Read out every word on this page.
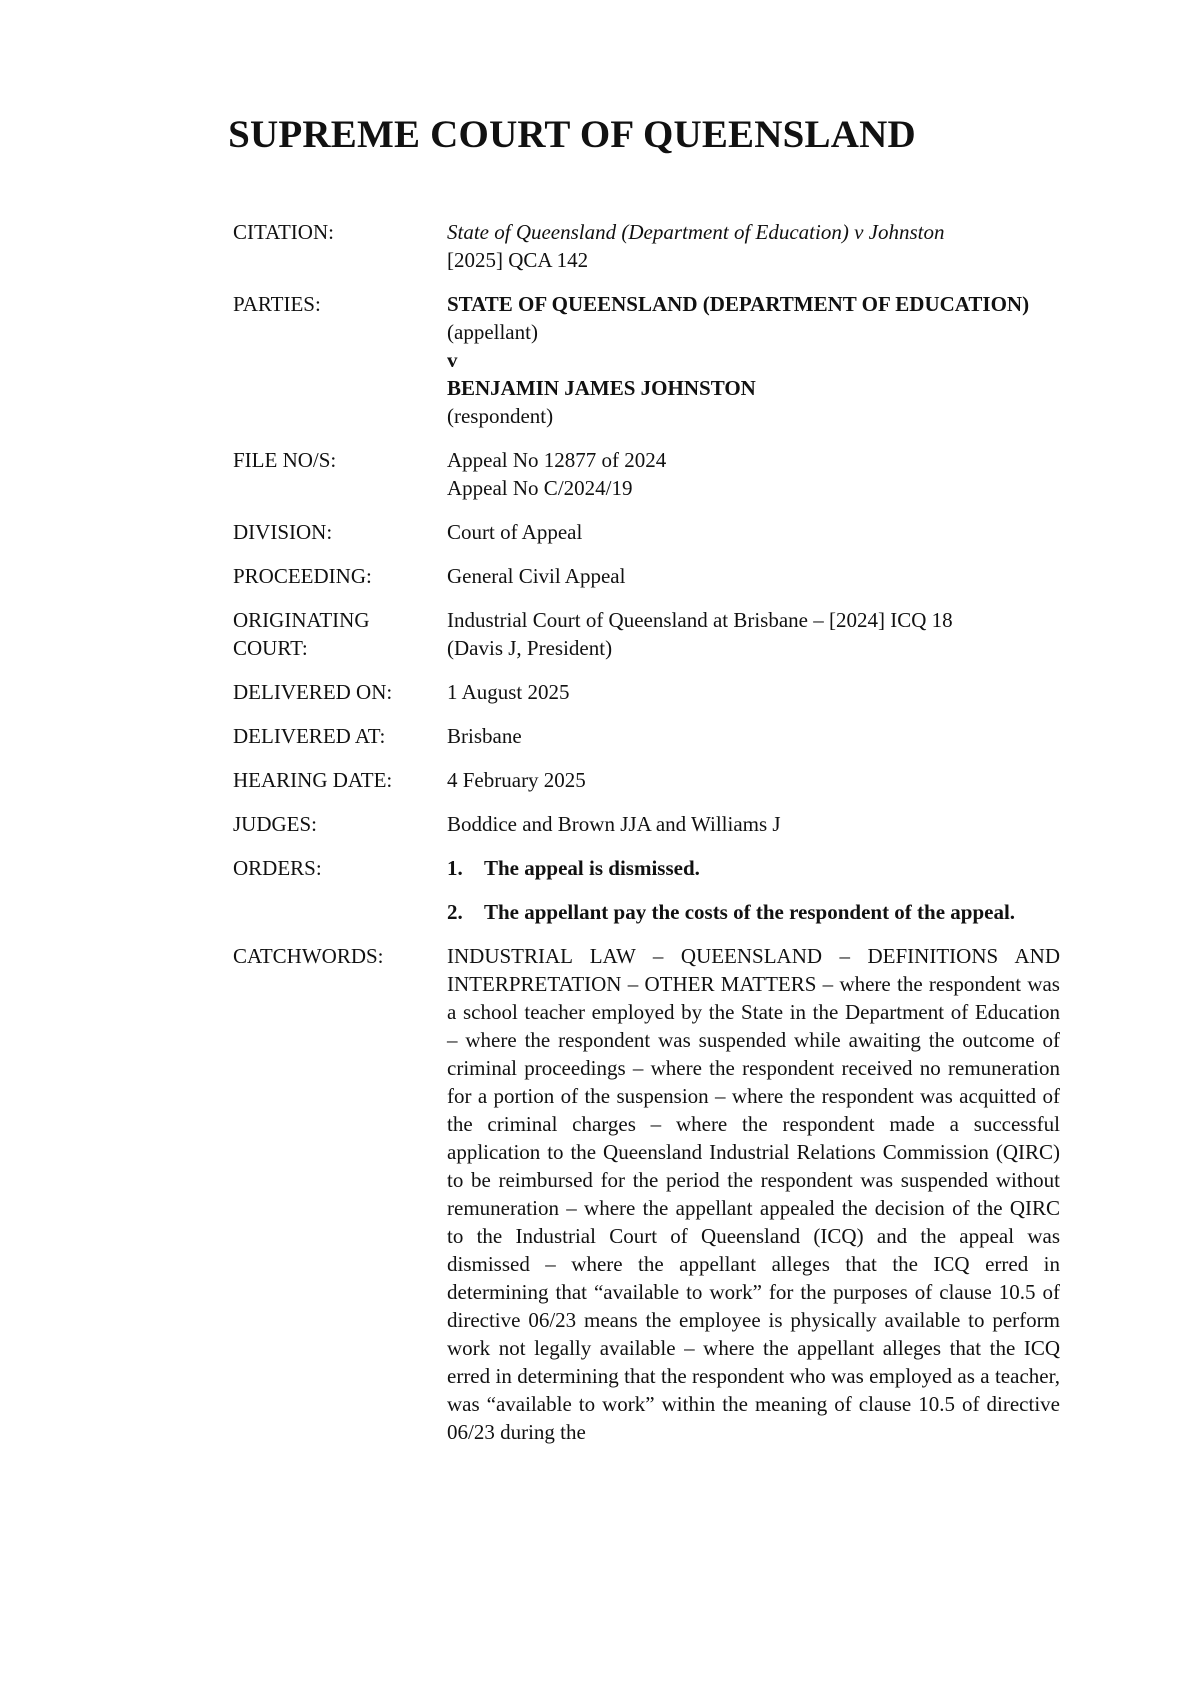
SUPREME COURT OF QUEENSLAND
CITATION:	State of Queensland (Department of Education) v Johnston
[2025] QCA 142
PARTIES:	STATE OF QUEENSLAND (DEPARTMENT OF EDUCATION)
(appellant)
v
BENJAMIN JAMES JOHNSTON
(respondent)
FILE NO/S:	Appeal No 12877 of 2024
Appeal No C/2024/19
DIVISION:	Court of Appeal
PROCEEDING:	General Civil Appeal
ORIGINATING
COURT:
Industrial Court of Queensland at Brisbane – [2024] ICQ 18
(Davis J, President)
DELIVERED ON:	1 August 2025
DELIVERED AT:	Brisbane
HEARING DATE:	4 February 2025
JUDGES:	Boddice and Brown JJA and Williams J
ORDERS:	1.	The appeal is dismissed.
2.	The appellant pay the costs of the respondent of the appeal.
CATCHWORDS:	INDUSTRIAL LAW – QUEENSLAND – DEFINITIONS AND INTERPRETATION – OTHER MATTERS – where the respondent was a school teacher employed by the State in the Department of Education – where the respondent was suspended while awaiting the outcome of criminal proceedings – where the respondent received no remuneration for a portion of the suspension – where the respondent was acquitted of the criminal charges – where the respondent made a successful application to the Queensland Industrial Relations Commission (QIRC) to be reimbursed for the period the respondent was suspended without remuneration – where the appellant appealed the decision of the QIRC to the Industrial Court of Queensland (ICQ) and the appeal was dismissed – where the appellant alleges that the ICQ erred in determining that “available to work” for the purposes of clause 10.5 of directive 06/23 means the employee is physically available to perform work not legally available – where the appellant alleges that the ICQ erred in determining that the respondent who was employed as a teacher, was “available to work” within the meaning of clause 10.5 of directive 06/23 during the
